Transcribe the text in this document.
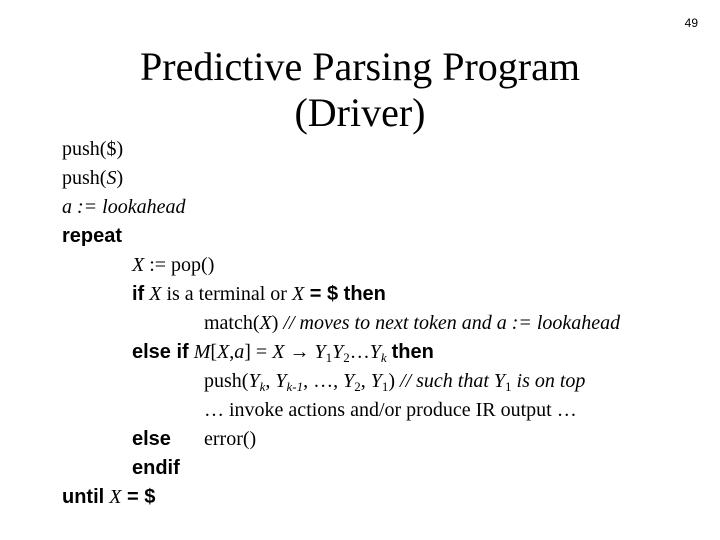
49
Predictive Parsing Program
(Driver)
push($)
push(S)
a := lookahead
repeat
X := pop()
if X is a terminal or X = $ then
match(X) // moves to next token and a := lookahead
else if $M[X,a] = X \to Y_1Y_2\dots Y_k$ then
$push(Y_k$, $Y_{k-1}$, …, $Y_2$, $Y_1$) // such that $Y_1$ is on top
… invoke actions and/or produce IR output …
else error()
endif
until X = $
